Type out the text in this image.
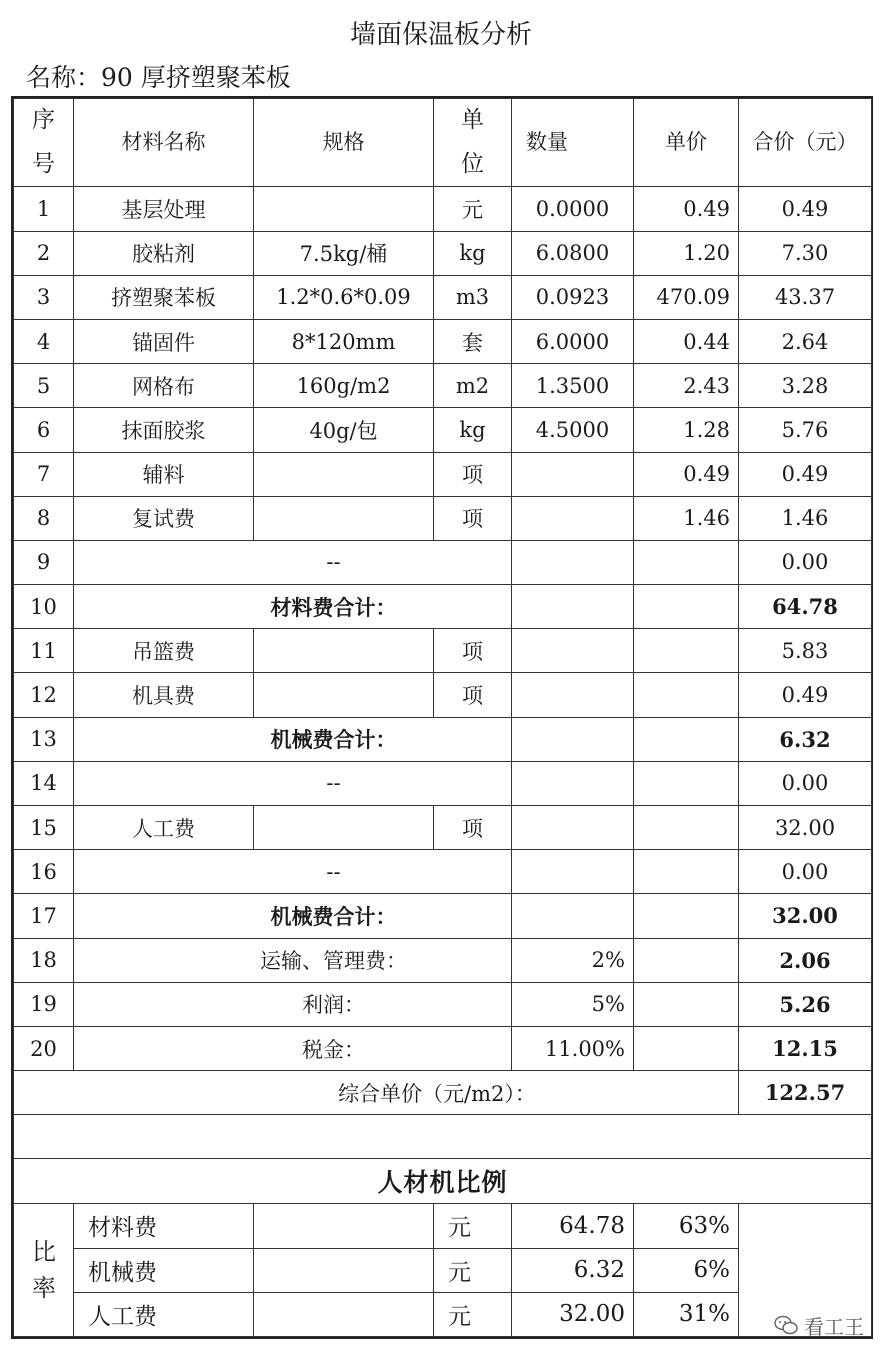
墙面保温板分析
名称：90 厚挤塑聚苯板
序号	材料名称	规格	单位	数量	单价	合价（元）
1	基层处理		元	0.0000	0.49	0.49
2	胶粘剂	7.5kg/桶	kg	6.0800	1.20	7.30
3	挤塑聚苯板	1.2*0.6*0.09	m3	0.0923	470.09	43.37
4	锚固件	8*120mm	套	6.0000	0.44	2.64
5	网格布	160g/m2	m2	1.3500	2.43	3.28
6	抹面胶浆	40g/包	kg	4.5000	1.28	5.76
7	辅料		项		0.49	0.49
8	复试费		项		1.46	1.46
9	--					0.00
10	材料费合计：					64.78
11	吊篮费		项			5.83
12	机具费		项			0.49
13	机械费合计：					6.32
14	--					0.00
15	人工费		项			32.00
16	--					0.00
17	机械费合计：					32.00
18	运输、管理费：			2%		2.06
19	利润：			5%		5.26
20	税金：			11.00%		12.15
综合单价（元/m2）：						122.57

人材机比例						
比率	材料费		元	64.78	63%	
	机械费		元	6.32	6%	
	人工费		元	32.00	31%		看工王
